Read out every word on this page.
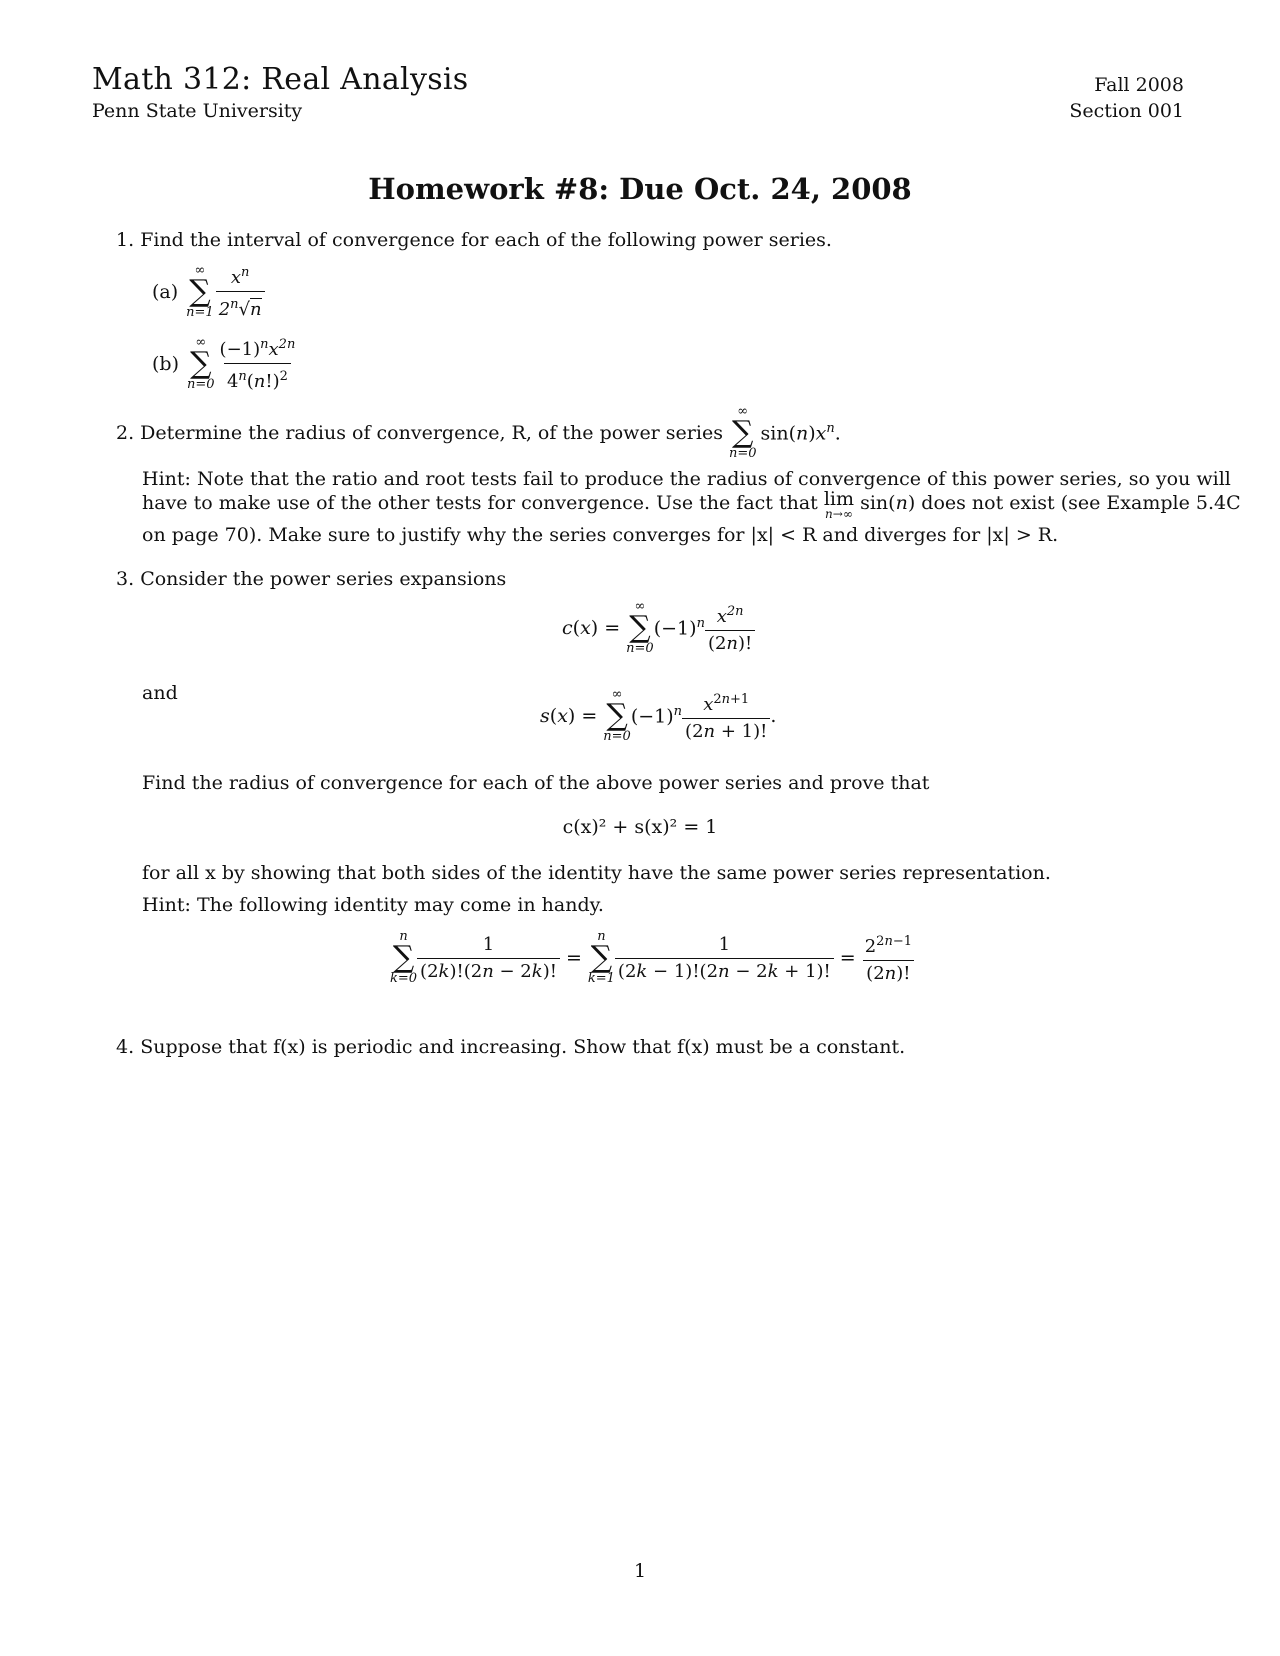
Math 312: Real Analysis
Penn State University
Fall 2008
Section 001
Homework #8: Due Oct. 24, 2008
1. Find the interval of convergence for each of the following power series.
(a)
∞
∑
$n=1 \frac{x^n}{2^n√n}$
(b)
∞
∑
$n=0 \frac{(-1)^nx^{2n}}{4^n(n!)^2}$
2. Determine the radius of convergence, R, of the power series
∞
∑
n=0
$\sin(n)x^n$.
Hint: Note that the ratio and root tests fail to produce the radius of convergence of this power series, so you will
have to make use of the other tests for convergence. Use the fact that lim
n→∞ sin(n) does not exist (see Example 5.4C
on page 70). Make sure to justify why the series converges for |x| < R and diverges for |x| > R.
3. Consider the power series expansions
c(x) =
∞
∑
n=0
$(-1)^n \frac{x^{2n}}{(2n)!}$
and
s(x) =
∞
∑
n=0
$(-1)^n \frac{x^{2n+1}}{(2n + 1)!}$ .
Find the radius of convergence for each of the above power series and prove that
c(x)² + s(x)² = 1
for all x by showing that both sides of the identity have the same power series representation.
Hint: The following identity may come in handy.
n
∑
$k=0 \frac{1}{(2k)!(2n - 2k)!}$ =
n
∑
$k=1 \frac{1}{(2k - 1)!(2n - 2k + 1)!} = \frac{2^{2n-1}}{(2n)!}$
4. Suppose that f(x) is periodic and increasing. Show that f(x) must be a constant.
1
